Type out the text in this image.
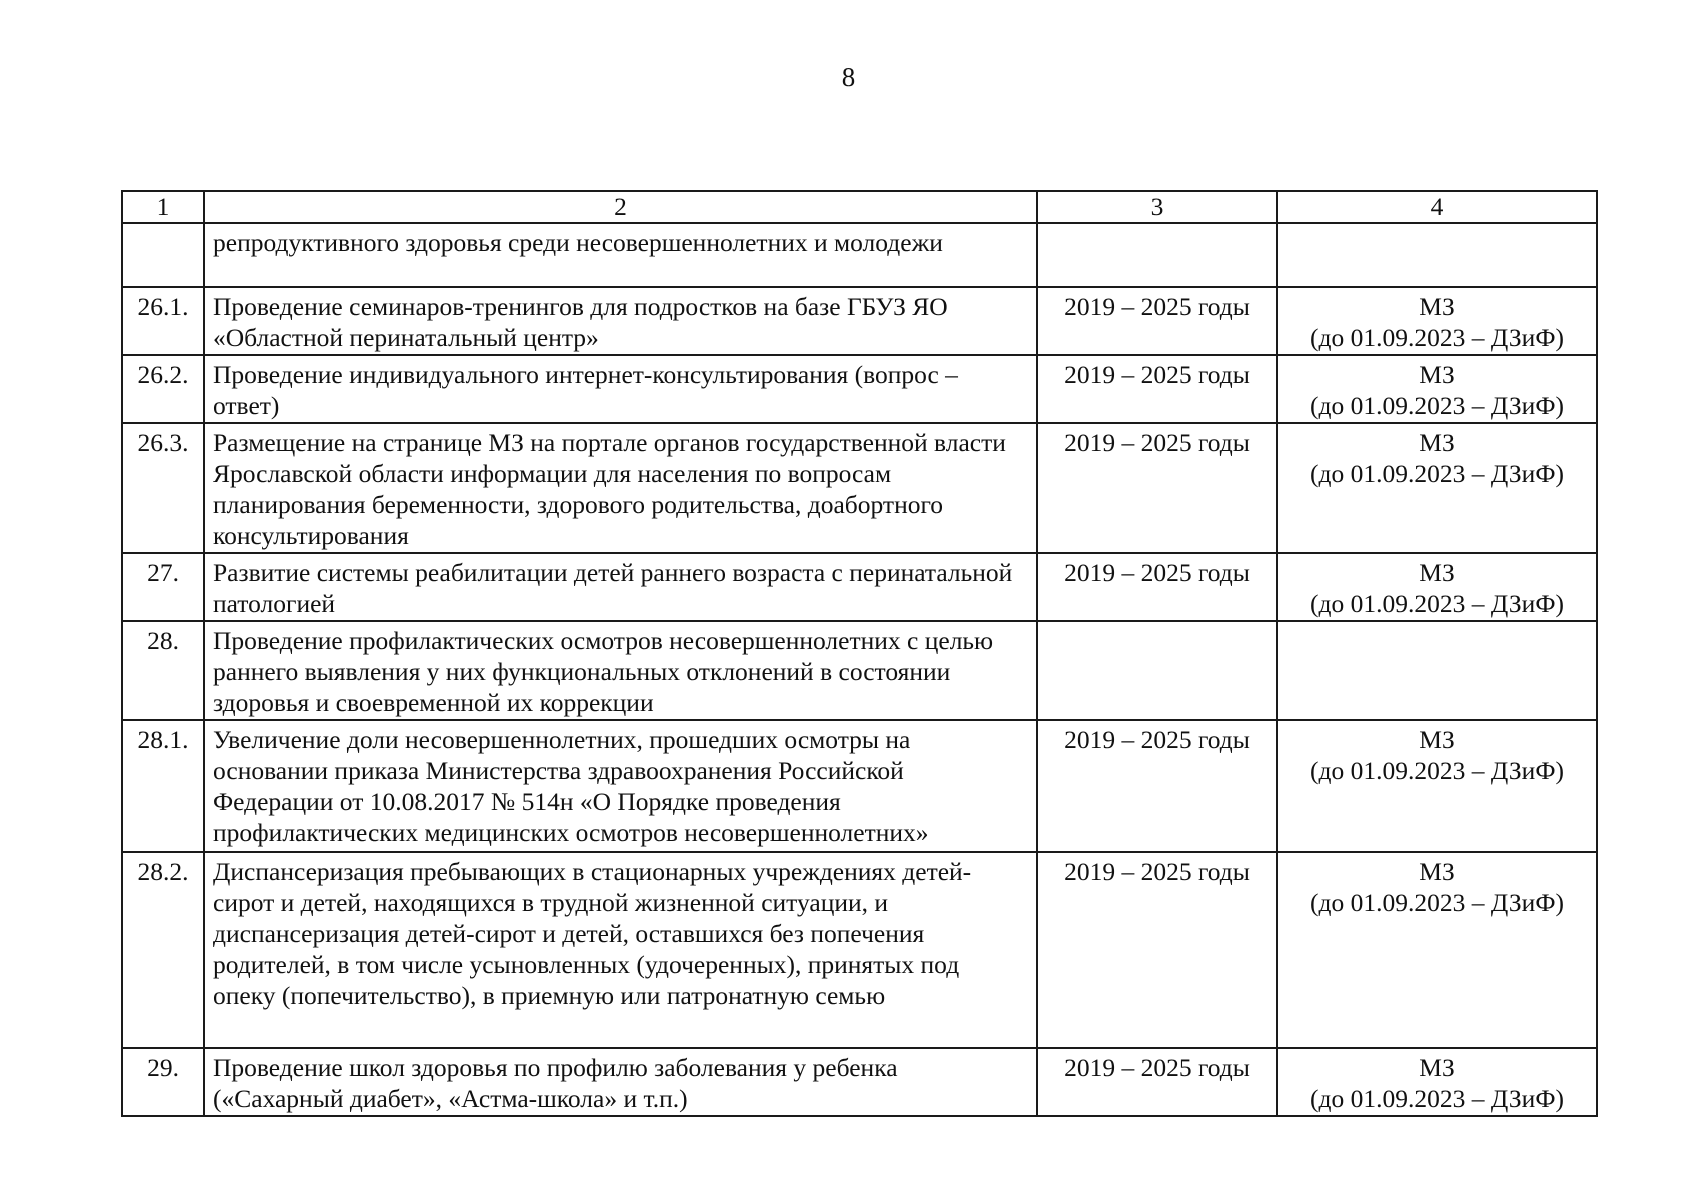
8
1	2	3	4
	репродуктивного здоровья среди несовершеннолетних и молодежи		

26.1.	Проведение семинаров-тренингов для подростков на базе ГБУЗ ЯО «Областной перинатальный центр»	2019 – 2025 годы	МЗ
(до 01.09.2023 – ДЗиФ)

26.2.	Проведение индивидуального интернет-консультирования (вопрос – ответ)	2019 – 2025 годы	МЗ
(до 01.09.2023 – ДЗиФ)

26.3.	Размещение на странице МЗ на портале органов государственной власти Ярославской области информации для населения по вопросам планирования беременности, здорового родительства, доабортного консультирования	2019 – 2025 годы	МЗ
(до 01.09.2023 – ДЗиФ)

27.	Развитие системы реабилитации детей раннего возраста с перинатальной патологией	2019 – 2025 годы	МЗ
(до 01.09.2023 – ДЗиФ)

28.	Проведение профилактических осмотров несовершеннолетних с целью раннего выявления у них функциональных отклонений в состоянии здоровья и своевременной их коррекции		

28.1.	Увеличение доли несовершеннолетних, прошедших осмотры на основании приказа Министерства здравоохранения Российской Федерации от 10.08.2017 № 514н «О Порядке проведения профилактических медицинских осмотров несовершеннолетних»	2019 – 2025 годы	МЗ
(до 01.09.2023 – ДЗиФ)

28.2.	Диспансеризация пребывающих в стационарных учреждениях детей-сирот и детей, находящихся в трудной жизненной ситуации, и диспансеризация детей-сирот и детей, оставшихся без попечения родителей, в том числе усыновленных (удочеренных), принятых под опеку (попечительство), в приемную или патронатную семью	2019 – 2025 годы	МЗ
(до 01.09.2023 – ДЗиФ)

29.	Проведение школ здоровья по профилю заболевания у ребенка («Сахарный диабет», «Астма-школа» и т.п.)	2019 – 2025 годы	МЗ
(до 01.09.2023 – ДЗиФ)
